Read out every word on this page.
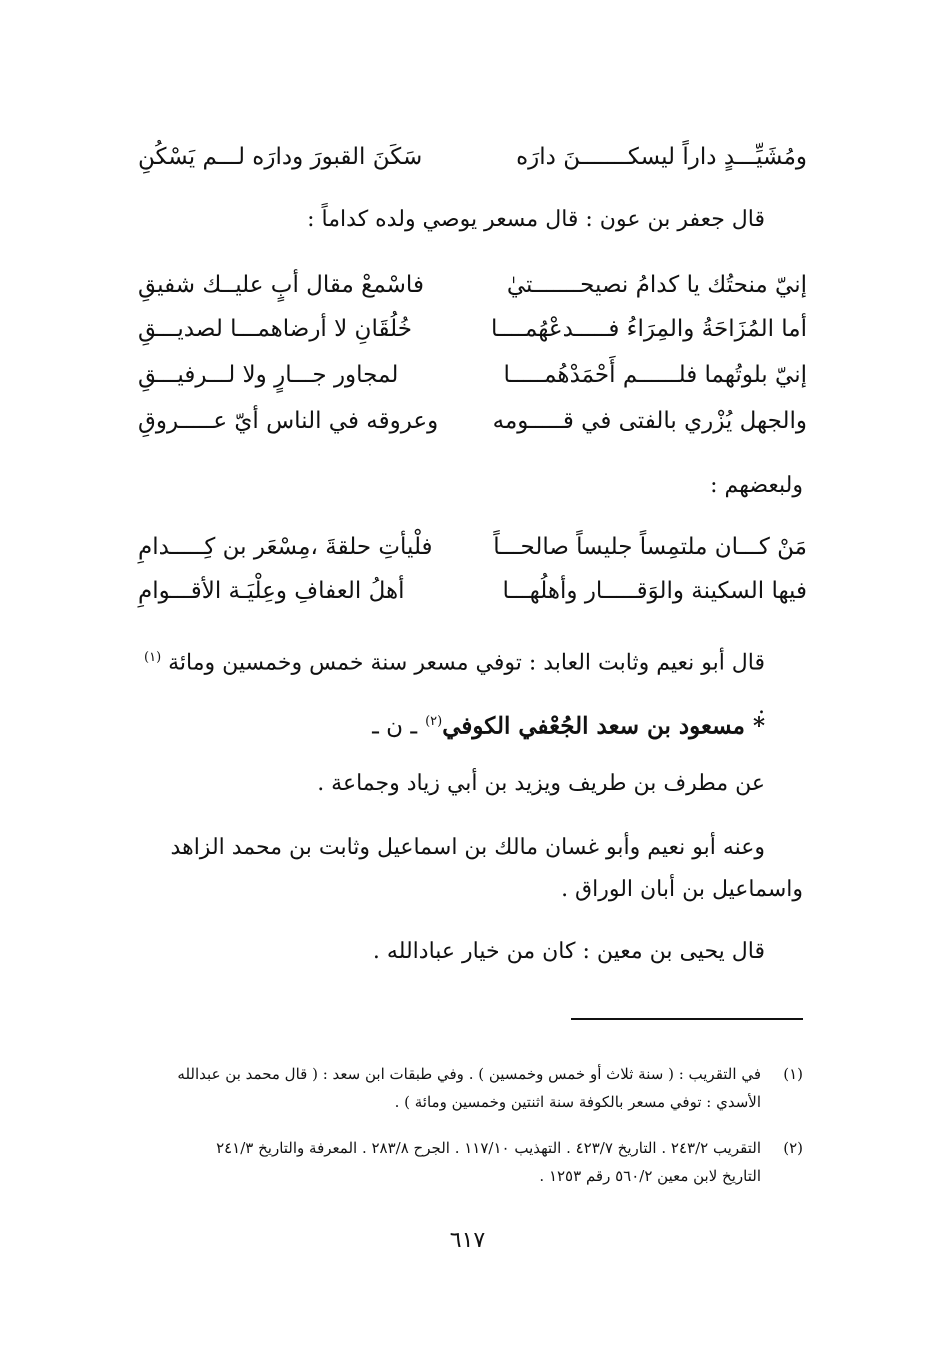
ومُشَيِّـــدٍ داراً ليسكـــــــنَ دارَه
سَكَنَ القبورَ ودارَه لـــم يَسْكُنِ
قال جعفر بن عون : قال مسعر يوصي ولده كداماً :
إنيّ منحتُك يا كدامُ نصيحـــــــتيٰ
فاسْمعْ مقال أبٍ عليــك شفيقِ
أما المُزَاحَةُ والمِرَاءُ فـــــدعْهُمــــا
خُلُقَانِ لا أرضاهمـــا لصديـــقِ
إنيّ بلوتُهما فلــــــم أَحْمَدْهُمـــــا
لمجاور جـــارٍ ولا لـــرفيـــقِ
والجهل يُزْري بالفتى في قـــــومه
وعروقه في الناس أيّ عـــــروقِ
ولبعضهم :
مَنْ كـــان ملتمِساً جليساً صالحـــاً
فلْيأتِ حلقةَ ،مِسْعَر بن كِـــــدامِ
فيها السكينة والوَقـــــار وأهلُهـــا
أهلُ العفافِ وعِلْيَـة الأقـــوامِ
قال أبو نعيم وثابت العابد : توفي مسعر سنة خمس وخمسين ومائة $^{(١)}$ .
* مسعود بن سعد الجُعْفي الكوفي$^{(٢)}$ ـ ن ـ
عن مطرف بن طريف ويزيد بن أبي زياد وجماعة .
وعنه أبو نعيم وأبو غسان مالك بن اسماعيل وثابت بن محمد الزاهد
واسماعيل بن أبان الوراق .
قال يحيى بن معين : كان من خيار عبادالله .
(١)في التقريب : ( سنة ثلاث أو خمس وخمسين ) . وفي طبقات ابن سعد : ( قال محمد بن عبدالله
الأسدي : توفي مسعر بالكوفة سنة اثنتين وخمسين ومائة ) .
(٢)التقريب ٢٤٣/٢ . التاريخ ٤٢٣/٧ . التهذيب ١١٧/١٠ . الجرح ٢٨٣/٨ . المعرفة والتاريخ ٢٤١/٣
التاريخ لابن معين ٥٦٠/٢ رقم ١٢٥٣ .
٦١٧
